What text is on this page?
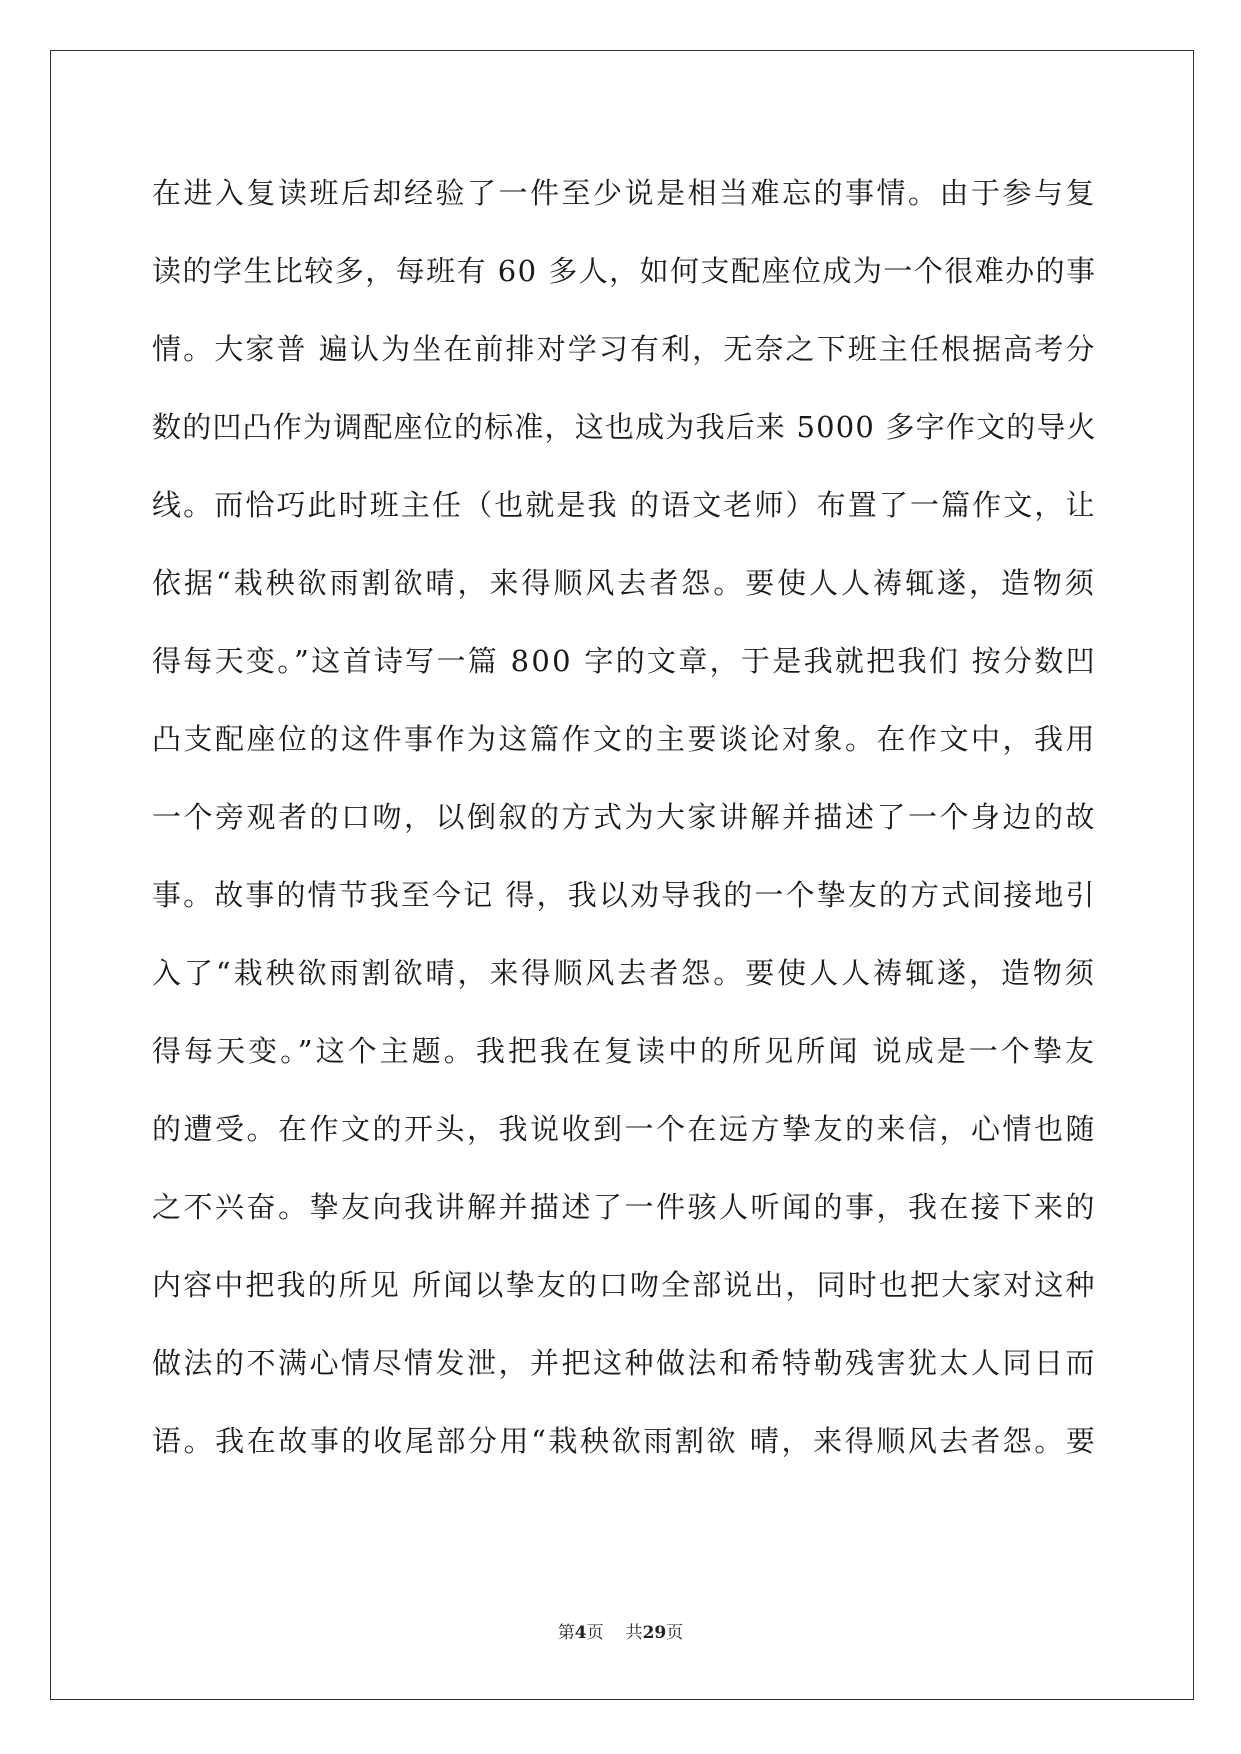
在进入复读班后却经验了一件至少说是相当难忘的事情。由于参与复
读的学生比较多，每班有 60 多人，如何支配座位成为一个很难办的事
情。大家普 遍认为坐在前排对学习有利，无奈之下班主任根据高考分
数的凹凸作为调配座位的标准，这也成为我后来 5000 多字作文的导火
线。而恰巧此时班主任（也就是我 的语文老师）布置了一篇作文，让
依据“栽秧欲雨割欲晴，来得顺风去者怨。要使人人祷辄遂，造物须
得每天变。”这首诗写一篇 800 字的文章，于是我就把我们 按分数凹
凸支配座位的这件事作为这篇作文的主要谈论对象。在作文中，我用
一个旁观者的口吻，以倒叙的方式为大家讲解并描述了一个身边的故
事。故事的情节我至今记 得，我以劝导我的一个挚友的方式间接地引
入了“栽秧欲雨割欲晴，来得顺风去者怨。要使人人祷辄遂，造物须
得每天变。”这个主题。我把我在复读中的所见所闻 说成是一个挚友
的遭受。在作文的开头，我说收到一个在远方挚友的来信，心情也随
之不兴奋。挚友向我讲解并描述了一件骇人听闻的事，我在接下来的
内容中把我的所见 所闻以挚友的口吻全部说出，同时也把大家对这种
做法的不满心情尽情发泄，并把这种做法和希特勒残害犹太人同日而
语。我在故事的收尾部分用“栽秧欲雨割欲 晴，来得顺风去者怨。要
第4页 共29页
